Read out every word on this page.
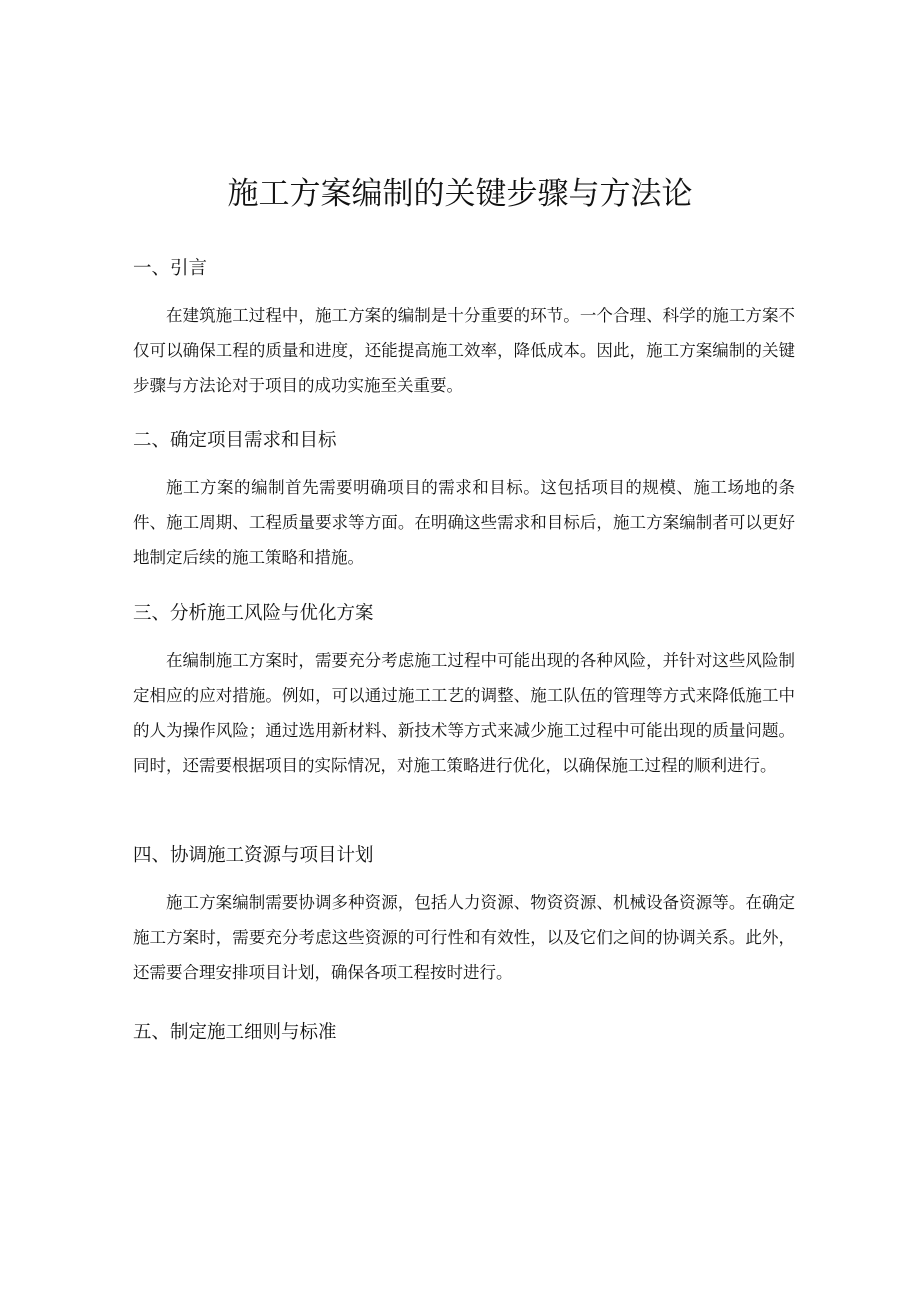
施工方案编制的关键步骤与方法论
一、引言

在建筑施工过程中，施工方案的编制是十分重要的环节。一个合理、科学的施工方案不仅可以确保工程的质量和进度，还能提高施工效率，降低成本。因此，施工方案编制的关键步骤与方法论对于项目的成功实施至关重要。

二、确定项目需求和目标

施工方案的编制首先需要明确项目的需求和目标。这包括项目的规模、施工场地的条件、施工周期、工程质量要求等方面。在明确这些需求和目标后，施工方案编制者可以更好地制定后续的施工策略和措施。

三、分析施工风险与优化方案

在编制施工方案时，需要充分考虑施工过程中可能出现的各种风险，并针对这些风险制定相应的应对措施。例如，可以通过施工工艺的调整、施工队伍的管理等方式来降低施工中的人为操作风险；通过选用新材料、新技术等方式来减少施工过程中可能出现的质量问题。同时，还需要根据项目的实际情况，对施工策略进行优化，以确保施工过程的顺利进行。

四、协调施工资源与项目计划

施工方案编制需要协调多种资源，包括人力资源、物资资源、机械设备资源等。在确定施工方案时，需要充分考虑这些资源的可行性和有效性，以及它们之间的协调关系。此外，还需要合理安排项目计划，确保各项工程按时进行。

五、制定施工细则与标准
